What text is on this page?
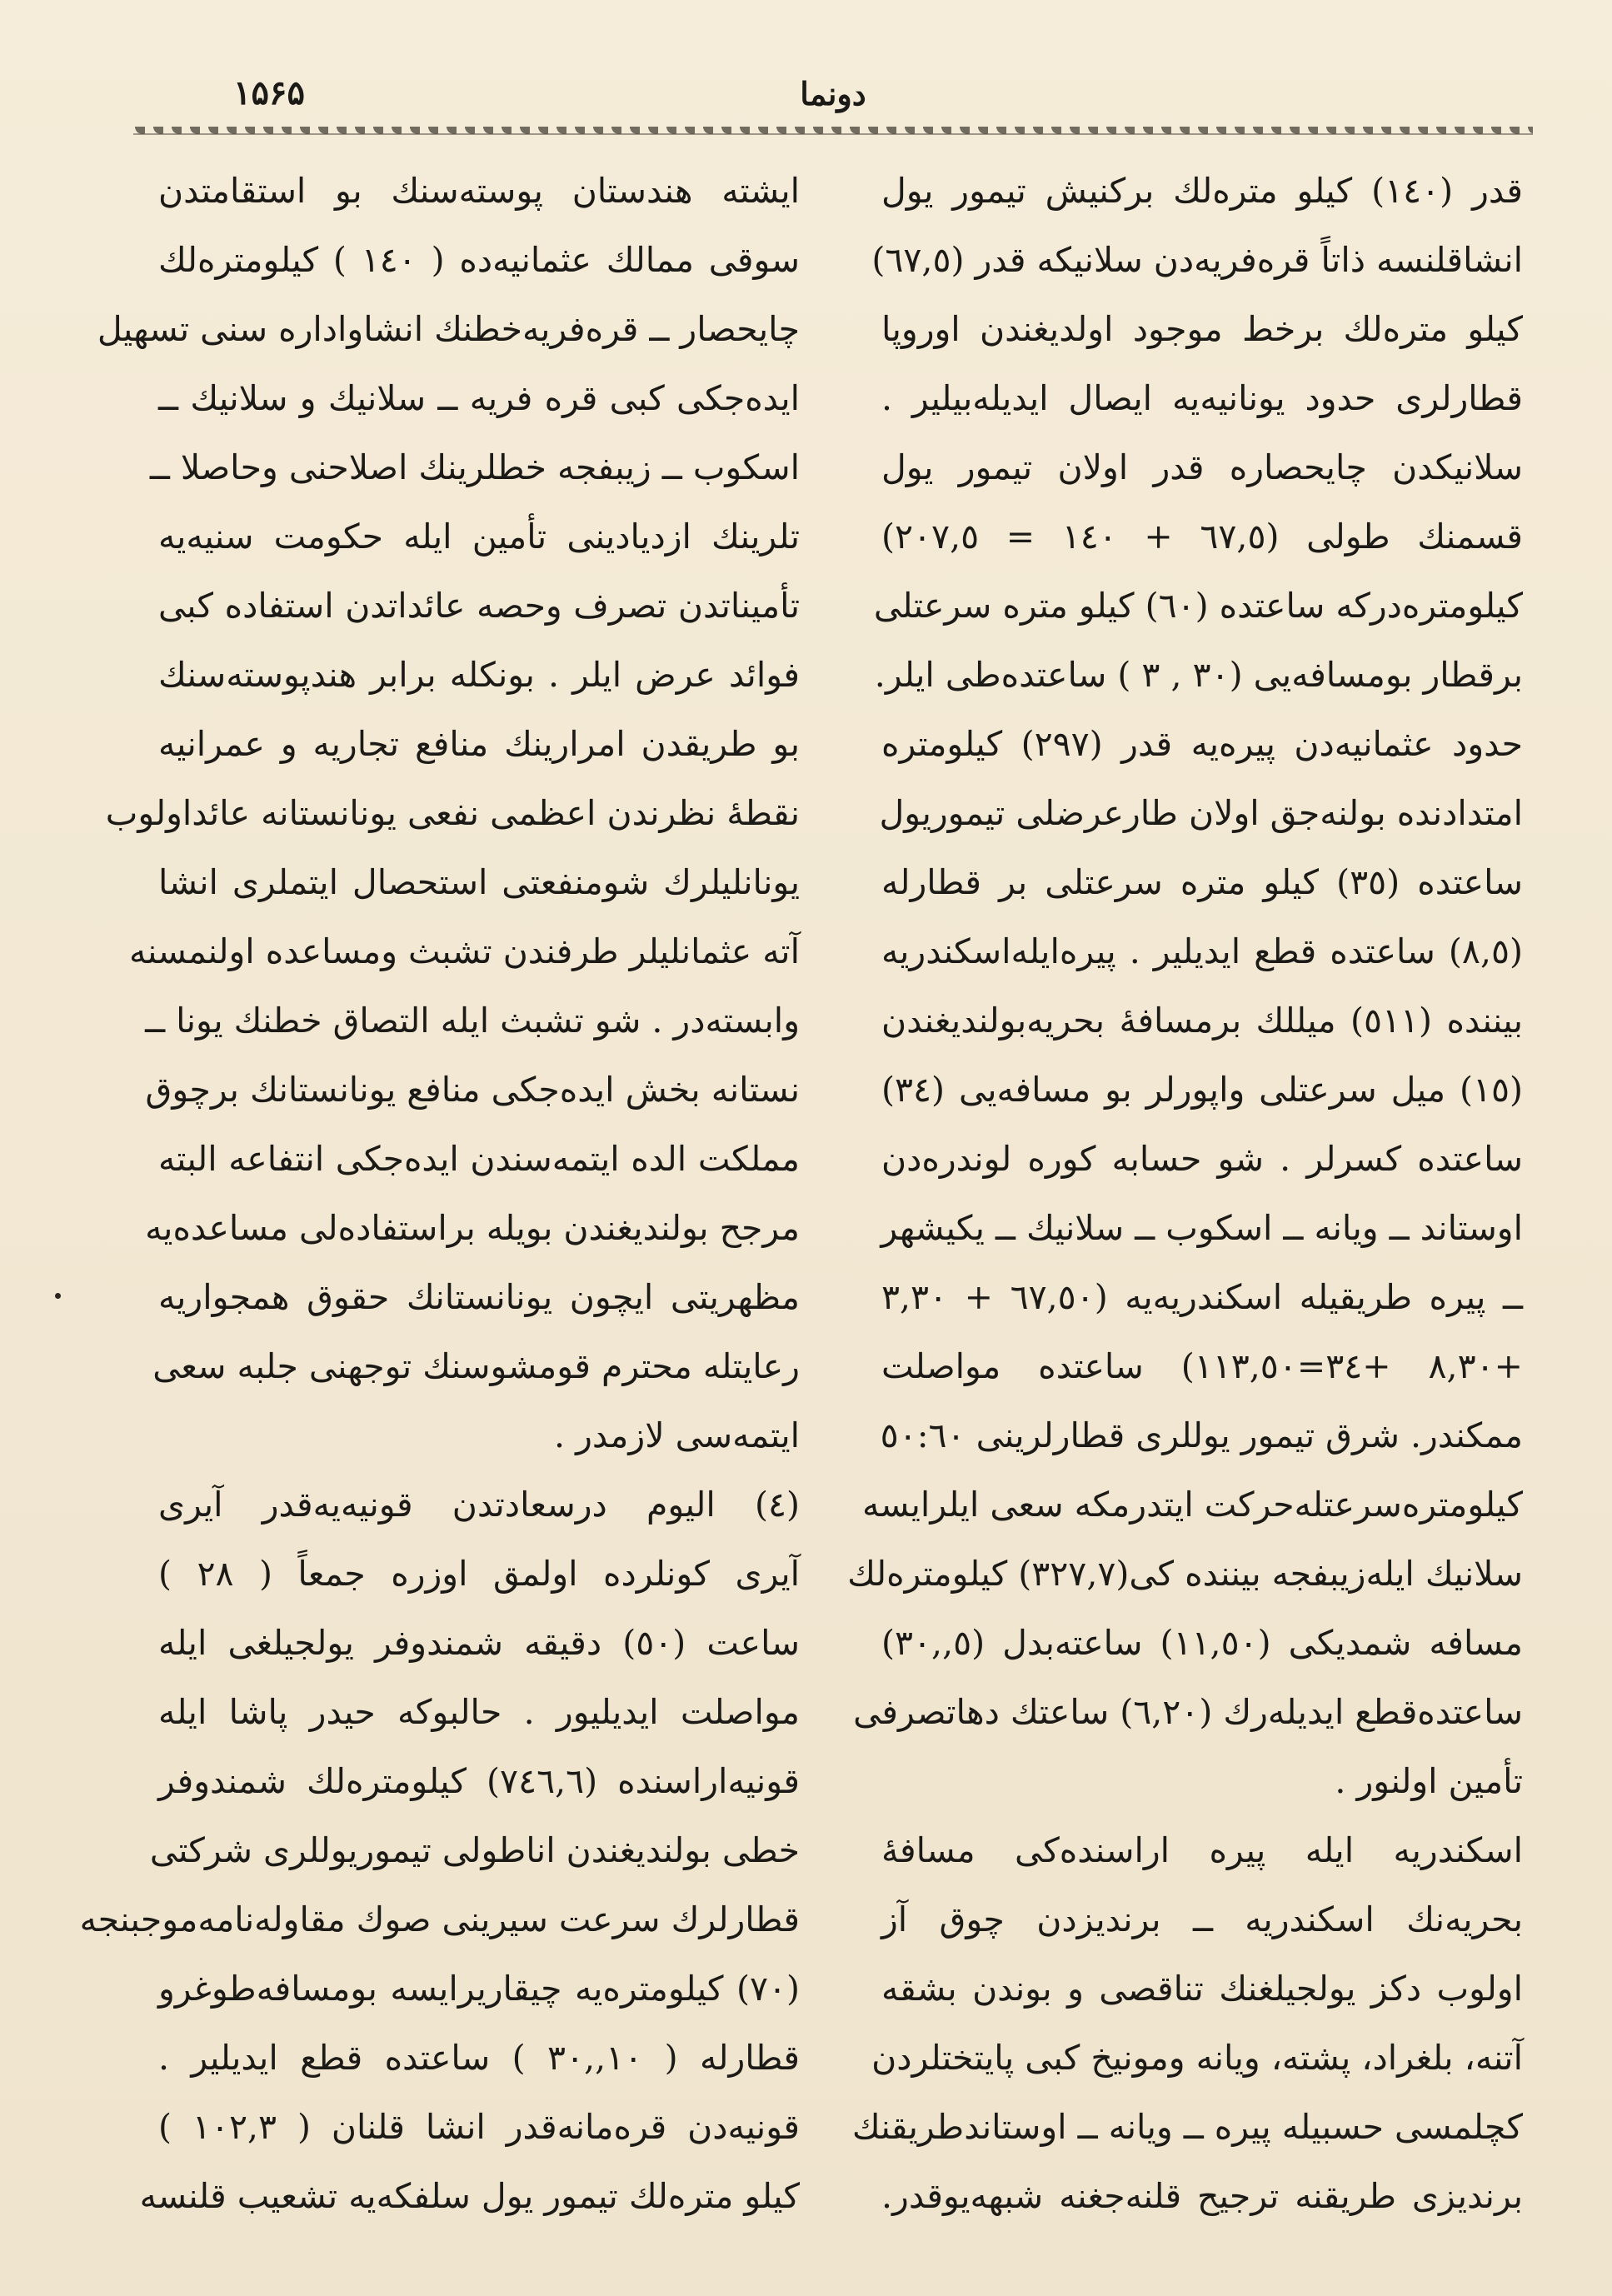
دونما
۱۵۶۵
قدر (۱٤۰) كيلو مترەلك بركنيش تيمور يول
انشاقلنسە ذاتاً قرەفريەدن سلانيكە قدر (٦٧,٥)
كيلو مترەلك برخط موجود اولديغندن اوروپا
قطارلرى حدود يونانيەيە ايصال ايديلەبيلير .
سلانيكدن چايحصارە قدر اولان تيمور يول
قسمنك طولى (٦٧,٥ + ١٤٠ = ٢٠٧,٥)
كيلومترەدركە ساعتدە (٦٠) كيلو مترە سرعتلى
برقطار بومسافەيى (٣٠ , ٣ ) ساعتدەطى ايلر.
حدود عثمانيەدن پيرەيە قدر (٢٩٧) كيلومترە
امتدادندە بولنەجق اولان طارعرضلى تيموريول
ساعتدە (٣٥) كيلو مترە سرعتلى بر قطارلە
(٨,٥) ساعتدە قطع ايديلير . پيرەايلەاسكندريە
بيننده (٥١١) ميللك برمسافۀ بحريەبولنديغندن
(١٥) ميل سرعتلى واپورلر بو مسافەيى (٣٤)
ساعتدە كسرلر . شو حسابە كورە لوندرەدن
اوستاند ــ ويانە ــ اسكوب ــ سلانيك ــ يكيشهر
ــ پيرە طريقيلە اسكندريەيە (٦٧,٥٠ + ٣,٣٠
+٨,٣٠ +٣٤=١١٣,٥٠) ساعتدە مواصلت
ممكندر. شرق تيمور يوللرى قطارلرينى ٥٠:٦٠
كيلومترەسرعتلەحركت ايتدرمكە سعى ايلرايسە
سلانيك ايلەزيبفجە بيننده كى(٣٢٧,٧) كيلومترەلك
مسافە شمديكى (١١,٥٠) ساعتەبدل (٥,,٣٠)
ساعتدەقطع ايديلەرك (٦,٢٠) ساعتك دهاتصرفى
تأمين اولنور .
اسكندريە ايلە پيرە اراسندەكى مسافۀ
بحريەنك اسكندريە ــ برنديزدن چوق آز
اولوب دكز يولجيلغنك تناقصى و بوندن بشقە
آتنە، بلغراد، پشتە، ويانە ومونيخ كبى پايتختلردن
كچلمسى حسبيلە پيرە ــ ويانە ــ اوستاندطريقنك
برنديزى طريقنە ترجيح قلنەجغنە شبهەيوقدر.
ايشتە هندستان پوستەسنك بو استقامتدن
سوقى ممالك عثمانيەدە ( ١٤٠ ) كيلومترەلك
چايحصار ــ قرەفريەخطنك انشاواداره سنى تسهيل
ايدەجكى كبى قرە فريە ــ سلانيك و سلانيك ــ
اسكوب ــ زيبفجە خطلرينك اصلاحنى وحاصلا ــ
تلرينك ازديادينى تأمين ايلە حكومت سنيەيە
تأميناتدن تصرف وحصە عائداتدن استفادە كبى
فوائد عرض ايلر . بونكلە برابر هندپوستەسنك
بو طريقدن امرارينك منافع تجاريە و عمرانيە
نقطۀ نظرندن اعظمى نفعى يونانستانە عائداولوب
يونانليلرك شومنفعتى استحصال ايتملرى انشا
آتە عثمانليلر طرفندن تشبث ومساعدە اولنمسنە
وابستەدر . شو تشبث ايلە التصاق خطنك يونا ــ
نستانە بخش ايدەجكى منافع يونانستانك برچوق
مملكت الدە ايتمەسندن ايدەجكى انتفاعە البتە
مرجح بولنديغندن بويلە براستفادەلى مساعدەيە
مظهريتى ايچون يونانستانك حقوق همجواريە
رعايتلە محترم قومشوسنك توجهنى جلبە سعى
ايتمەسى لازمدر .
(٤) اليوم درسعادتدن قونيەيەقدر آيرى
آيرى كونلردە اولمق اوزرە جمعاً ( ٢٨ )
ساعت (٥٠) دقيقە شمندوفر يولجيلغى ايلە
مواصلت ايديليور . حالبوكە حيدر پاشا ايلە
قونيەاراسندە (٧٤٦,٦) كيلومترەلك شمندوفر
خطى بولنديغندن اناطولى تيموريوللرى شركتى
قطارلرك سرعت سيرينى صوك مقاولەنامەموجبنجە
(٧٠) كيلومترەيە چيقاريرايسە بومسافەطوغرو
قطارلە ( ١٠,,٣٠ ) ساعتدە قطع ايديلير .
قونيەدن قرەمانەقدر انشا قلنان ( ١٠٢,٣ )
كيلو مترەلك تيمور يول سلفكەيە تشعيب قلنسە
